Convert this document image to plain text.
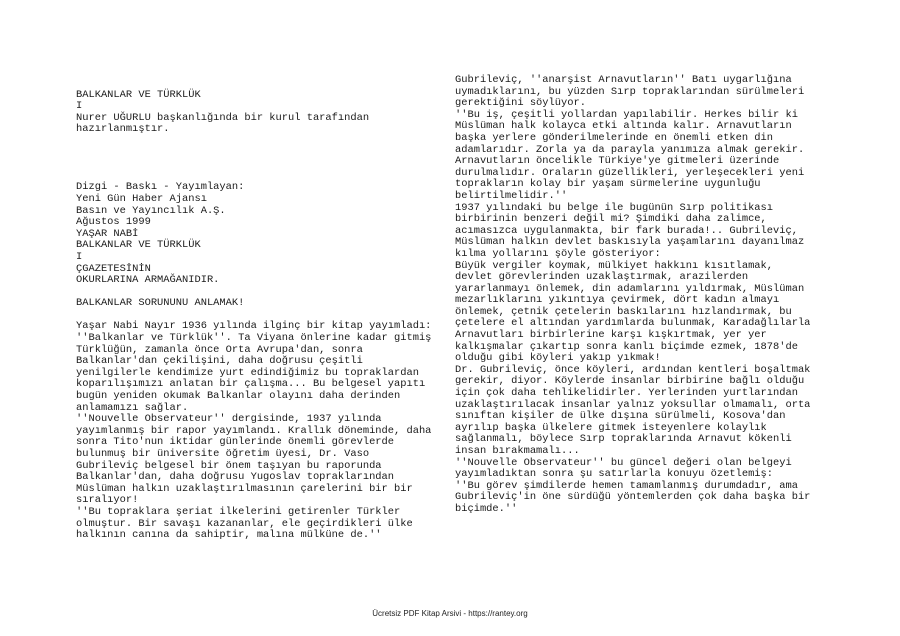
BALKANLAR VE TÜRKLÜK
I
Nurer UĞURLU başkanlığında bir kurul tarafından
hazırlanmıştır.
Dizgi - Baskı - Yayımlayan:
Yeni Gün Haber Ajansı
Basın ve Yayıncılık A.Ş.
Ağustos 1999
YAŞAR NABİ
BALKANLAR VE TÜRKLÜK
I
ÇGAZETESİNİN
OKURLARINA ARMAĞANIDIR.
BALKANLAR SORUNUNU ANLAMAK!
Yaşar Nabi Nayır 1936 yılında ilginç bir kitap yayımladı:
''Balkanlar ve Türklük''. Ta Viyana önlerine kadar gitmiş
Türklüğün, zamanla önce Orta Avrupa'dan, sonra
Balkanlar'dan çekilişini, daha doğrusu çeşitli
yenilgilerle kendimize yurt edindiğimiz bu topraklardan
koparılışımızı anlatan bir çalışma... Bu belgesel yapıtı
bugün yeniden okumak Balkanlar olayını daha derinden
anlamamızı sağlar.
''Nouvelle Observateur'' dergisinde, 1937 yılında
yayımlanmış bir rapor yayımlandı. Krallık döneminde, daha
sonra Tito'nun iktidar günlerinde önemli görevlerde
bulunmuş bir üniversite öğretim üyesi, Dr. Vaso
Gubrileviç belgesel bir önem taşıyan bu raporunda
Balkanlar'dan, daha doğrusu Yugoslav topraklarından
Müslüman halkın uzaklaştırılmasının çarelerini bir bir
sıralıyor!
''Bu topraklara şeriat ilkelerini getirenler Türkler
olmuştur. Bir savaşı kazananlar, ele geçirdikleri ülke
halkının canına da sahiptir, malına mülküne de.''
Gubrileviç, ''anarşist Arnavutların'' Batı uygarlığına
uymadıklarını, bu yüzden Sırp topraklarından sürülmeleri
gerektiğini söylüyor.
''Bu iş, çeşitli yollardan yapılabilir. Herkes bilir ki
Müslüman halk kolayca etki altında kalır. Arnavutların
başka yerlere gönderilmelerinde en önemli etken din
adamlarıdır. Zorla ya da parayla yanımıza almak gerekir.
Arnavutların öncelikle Türkiye'ye gitmeleri üzerinde
durulmalıdır. Oraların güzellikleri, yerleşecekleri yeni
toprakların kolay bir yaşam sürmelerine uygunluğu
belirtilmelidir.''
1937 yılındaki bu belge ile bugünün Sırp politikası
birbirinin benzeri değil mi? Şimdiki daha zalimce,
acımasızca uygulanmakta, bir fark burada!.. Gubrileviç,
Müslüman halkın devlet baskısıyla yaşamlarını dayanılmaz
kılma yollarını şöyle gösteriyor:
Büyük vergiler koymak, mülkiyet hakkını kısıtlamak,
devlet görevlerinden uzaklaştırmak, arazilerden
yararlanmayı önlemek, din adamlarını yıldırmak, Müslüman
mezarlıklarını yıkıntıya çevirmek, dört kadın almayı
önlemek, çetnik çetelerin baskılarını hızlandırmak, bu
çetelere el altından yardımlarda bulunmak, Karadağlılarla
Arnavutları birbirlerine karşı kışkırtmak, yer yer
kalkışmalar çıkartıp sonra kanlı biçimde ezmek, 1878'de
olduğu gibi köyleri yakıp yıkmak!
Dr. Gubrileviç, önce köyleri, ardından kentleri boşaltmak
gerekir, diyor. Köylerde insanlar birbirine bağlı olduğu
için çok daha tehlikelidirler. Yerlerinden yurtlarından
uzaklaştırılacak insanlar yalnız yoksullar olmamalı, orta
sınıftan kişiler de ülke dışına sürülmeli, Kosova'dan
ayrılıp başka ülkelere gitmek isteyenlere kolaylık
sağlanmalı, böylece Sırp topraklarında Arnavut kökenli
insan bırakmamalı...
''Nouvelle Observateur'' bu güncel değeri olan belgeyi
yayımladıktan sonra şu satırlarla konuyu özetlemiş:
''Bu görev şimdilerde hemen tamamlanmış durumdadır, ama
Gubrileviç'in öne sürdüğü yöntemlerden çok daha başka bir
biçimde.''
Ücretsiz PDF Kitap Arsivi - https://rantey.org
